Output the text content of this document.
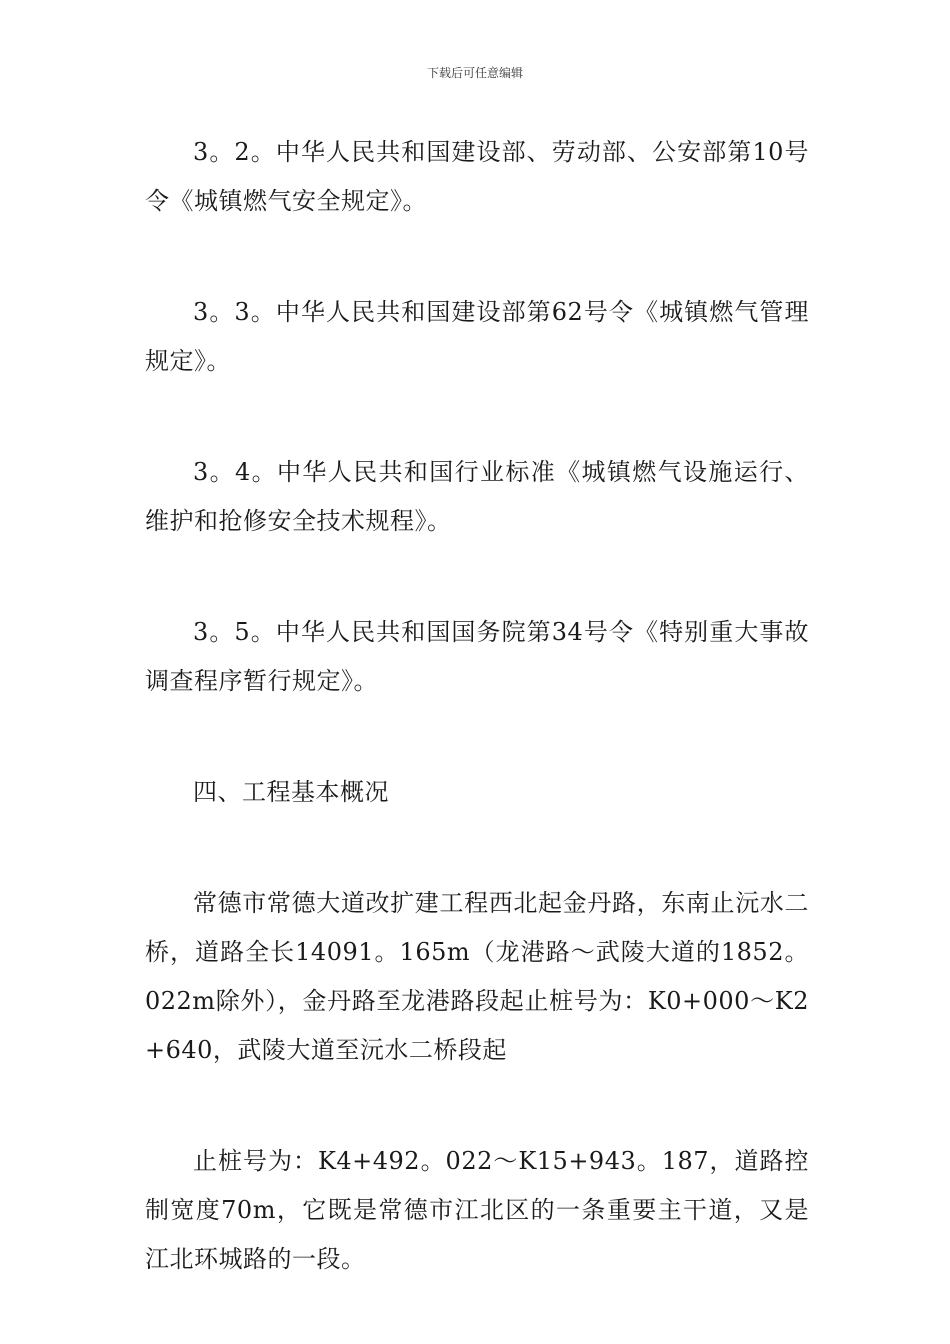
下载后可任意编辑

3。2。中华人民共和国建设部、劳动部、公安部第10号令《城镇燃气安全规定》。

3。3。中华人民共和国建设部第62号令《城镇燃气管理规定》。

3。4。中华人民共和国行业标准《城镇燃气设施运行、维护和抢修安全技术规程》。

3。5。中华人民共和国国务院第34号令《特别重大事故调查程序暂行规定》。

四、工程基本概况

常德市常德大道改扩建工程西北起金丹路，东南止沅水二桥，道路全长14091。165m（龙港路～武陵大道的1852。022m除外），金丹路至龙港路段起止桩号为：K0+000～K2+640，武陵大道至沅水二桥段起

止桩号为：K4+492。022～K15+943。187，道路控制宽度70m，它既是常德市江北区的一条重要主干道，又是江北环城路的一段。
